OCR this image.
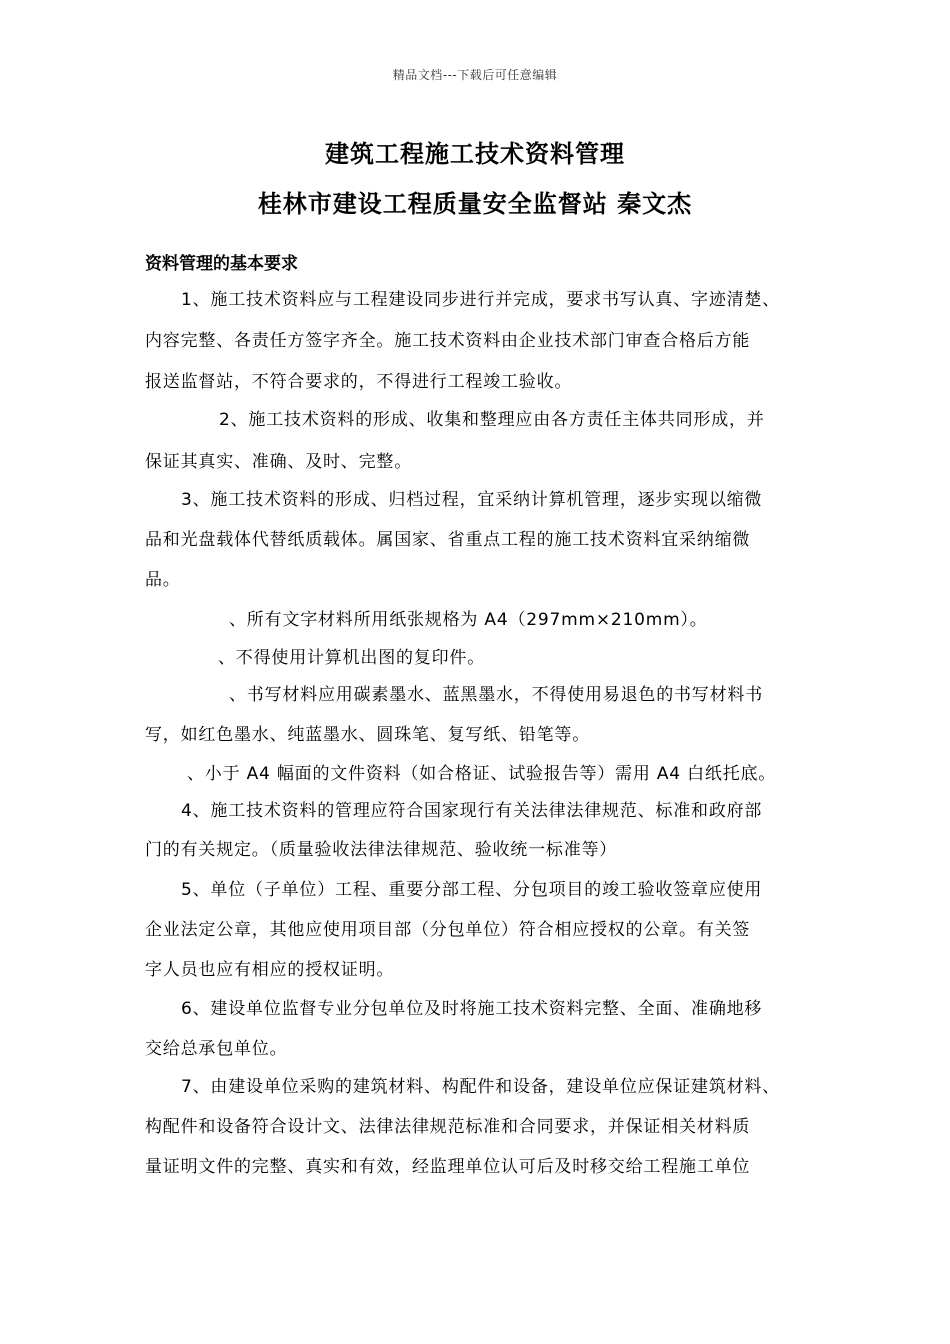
精品文档---下载后可任意编辑
建筑工程施工技术资料管理
桂林市建设工程质量安全监督站 秦文杰
资料管理的基本要求
1、施工技术资料应与工程建设同步进行并完成，要求书写认真、字迹清楚、
内容完整、各责任方签字齐全。施工技术资料由企业技术部门审查合格后方能
报送监督站，不符合要求的，不得进行工程竣工验收。
2、施工技术资料的形成、收集和整理应由各方责任主体共同形成，并
保证其真实、准确、及时、完整。
3、施工技术资料的形成、归档过程，宜采纳计算机管理，逐步实现以缩微
品和光盘载体代替纸质载体。属国家、省重点工程的施工技术资料宜采纳缩微
品。
、所有文字材料所用纸张规格为 A4（297mm×210mm）。
、不得使用计算机出图的复印件。
、书写材料应用碳素墨水、蓝黑墨水，不得使用易退色的书写材料书
写，如红色墨水、纯蓝墨水、圆珠笔、复写纸、铅笔等。
、小于 A4 幅面的文件资料（如合格证、试验报告等）需用 A4 白纸托底。
4、施工技术资料的管理应符合国家现行有关法律法律规范、标准和政府部
门的有关规定。（质量验收法律法律规范、验收统一标准等）
5、单位（子单位）工程、重要分部工程、分包项目的竣工验收签章应使用
企业法定公章，其他应使用项目部（分包单位）符合相应授权的公章。有关签
字人员也应有相应的授权证明。
6、建设单位监督专业分包单位及时将施工技术资料完整、全面、准确地移
交给总承包单位。
7、由建设单位采购的建筑材料、构配件和设备，建设单位应保证建筑材料、
构配件和设备符合设计文、法律法律规范标准和合同要求，并保证相关材料质
量证明文件的完整、真实和有效，经监理单位认可后及时移交给工程施工单位
